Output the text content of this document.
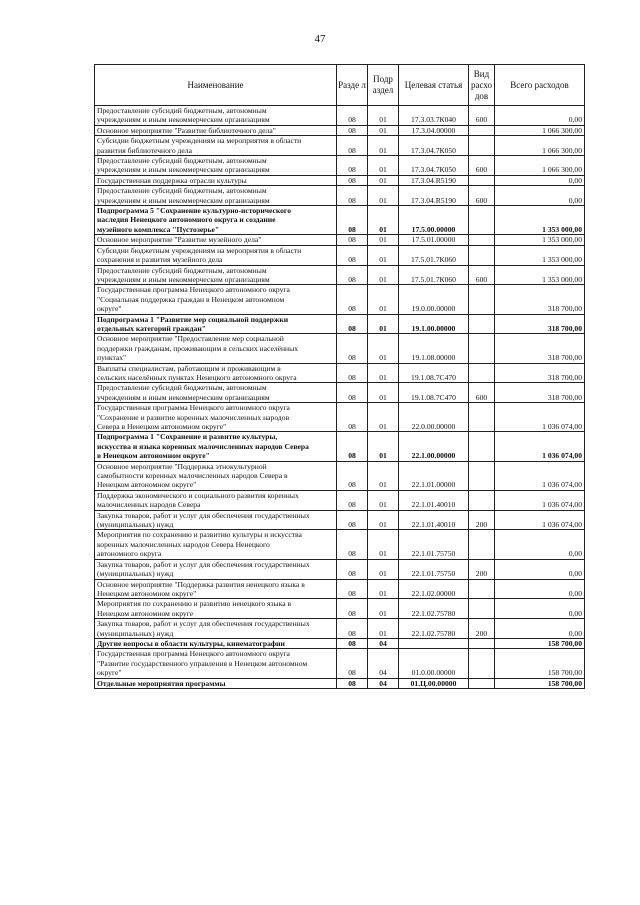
47
Наименование	Разде л	Подр аздел	Целевая статья	Вид расхо дов	Всего расходов

Предоставление субсидий бюджетным, автономным
учреждениям и иным некоммерческим организациям	08	01	17.3.03.7К040	600	0,00

Основное мероприятие "Развитие библиотечного дела"	08	01	17.3.04.00000		1 066 300,00

Субсидии бюджетным учреждениям на мероприятия в области
развития библиотечного дела	08	01	17.3.04.7К050		1 066 300,00

Предоставление субсидий бюджетным, автономным
учреждениям и иным некоммерческим организациям	08	01	17.3.04.7К050	600	1 066 300,00

Государственная поддержка отрасли культуры	08	01	17.3.04.R5190		0,00

Предоставление субсидий бюджетным, автономным
учреждениям и иным некоммерческим организациям	08	01	17.3.04.R5190	600	0,00

Подпрограмма 5 "Сохранение культурно-исторического
наследия Ненецкого автономного округа и создание
музейного комплекса "Пустозерье"	08	01	17.5.00.00000		1 353 000,00

Основное мероприятие "Развитие музейного дела"	08	01	17.5.01.00000		1 353 000,00

Субсидии бюджетным учреждениям на мероприятия в области
сохранения и развития музейного дела	08	01	17.5.01.7К060		1 353 000,00

Предоставление субсидий бюджетным, автономным
учреждениям и иным некоммерческим организациям	08	01	17.5.01.7К060	600	1 353 000,00

Государственная программа Ненецкого автономного округа
"Социальная поддержка граждан в Ненецком автономном
округе"	08	01	19.0.00.00000		318 700,00

Подпрограмма 1 "Развитие мер социальной поддержки
отдельных категорий граждан"	08	01	19.1.00.00000		318 700,00

Основное мероприятие "Предоставление мер социальной
поддержки гражданам, проживающим в сельских населённых
пунктах"	08	01	19.1.08.00000		318 700,00

Выплаты специалистам, работающим и проживающим в
сельских населённых пунктах Ненецкого автономного округа	08	01	19.1.08.7С470		318 700,00

Предоставление субсидий бюджетным, автономным
учреждениям и иным некоммерческим организациям	08	01	19.1.08.7С470	600	318 700,00

Государственная программа Ненецкого автономного округа
"Сохранение и развитие коренных малочисленных народов
Севера в Ненецком автономном округе"	08	01	22.0.00.00000		1 036 074,00

Подпрограмма 1 "Сохранение и развитие культуры,
искусства и языка коренных малочисленных народов Севера
в Ненецком автономном округе"	08	01	22.1.00.00000		1 036 074,00

Основное мероприятие "Поддержка этнокультурной
самобытности коренных малочисленных народов Севера в
Ненецком автономном округе"	08	01	22.1.01.00000		1 036 074,00

Поддержка экономического и социального развития коренных
малочисленных народов Севера	08	01	22.1.01.40010		1 036 074,00

Закупка товаров, работ и услуг для обеспечения государственных
(муниципальных) нужд	08	01	22.1.01.40010	200	1 036 074,00

Мероприятия по сохранению и развитию культуры и искусства
коренных малочисленных народов Севера Ненецкого
автономного округа	08	01	22.1.01.75750		0,00

Закупка товаров, работ и услуг для обеспечения государственных
(муниципальных) нужд	08	01	22.1.01.75750	200	0,00

Основное мероприятие "Поддержка развития ненецкого языка в
Ненецком автономном округе"	08	01	22.1.02.00000		0,00

Мероприятия по сохранению и развитию ненецкого языка в
Ненецком автономном округе	08	01	22.1.02.75780		0,00

Закупка товаров, работ и услуг для обеспечения государственных
(муниципальных) нужд	08	01	22.1.02.75780	200	0,00

Другие вопросы в области культуры, кинематографии	08	04			158 700,00

Государственная программа Ненецкого автономного округа
"Развитие государственного управления в Ненецком автономном
округе"	08	04	01.0.00.00000		158 700,00

Отдельные мероприятия программы	08	04	01.Ц.00.00000		158 700,00
